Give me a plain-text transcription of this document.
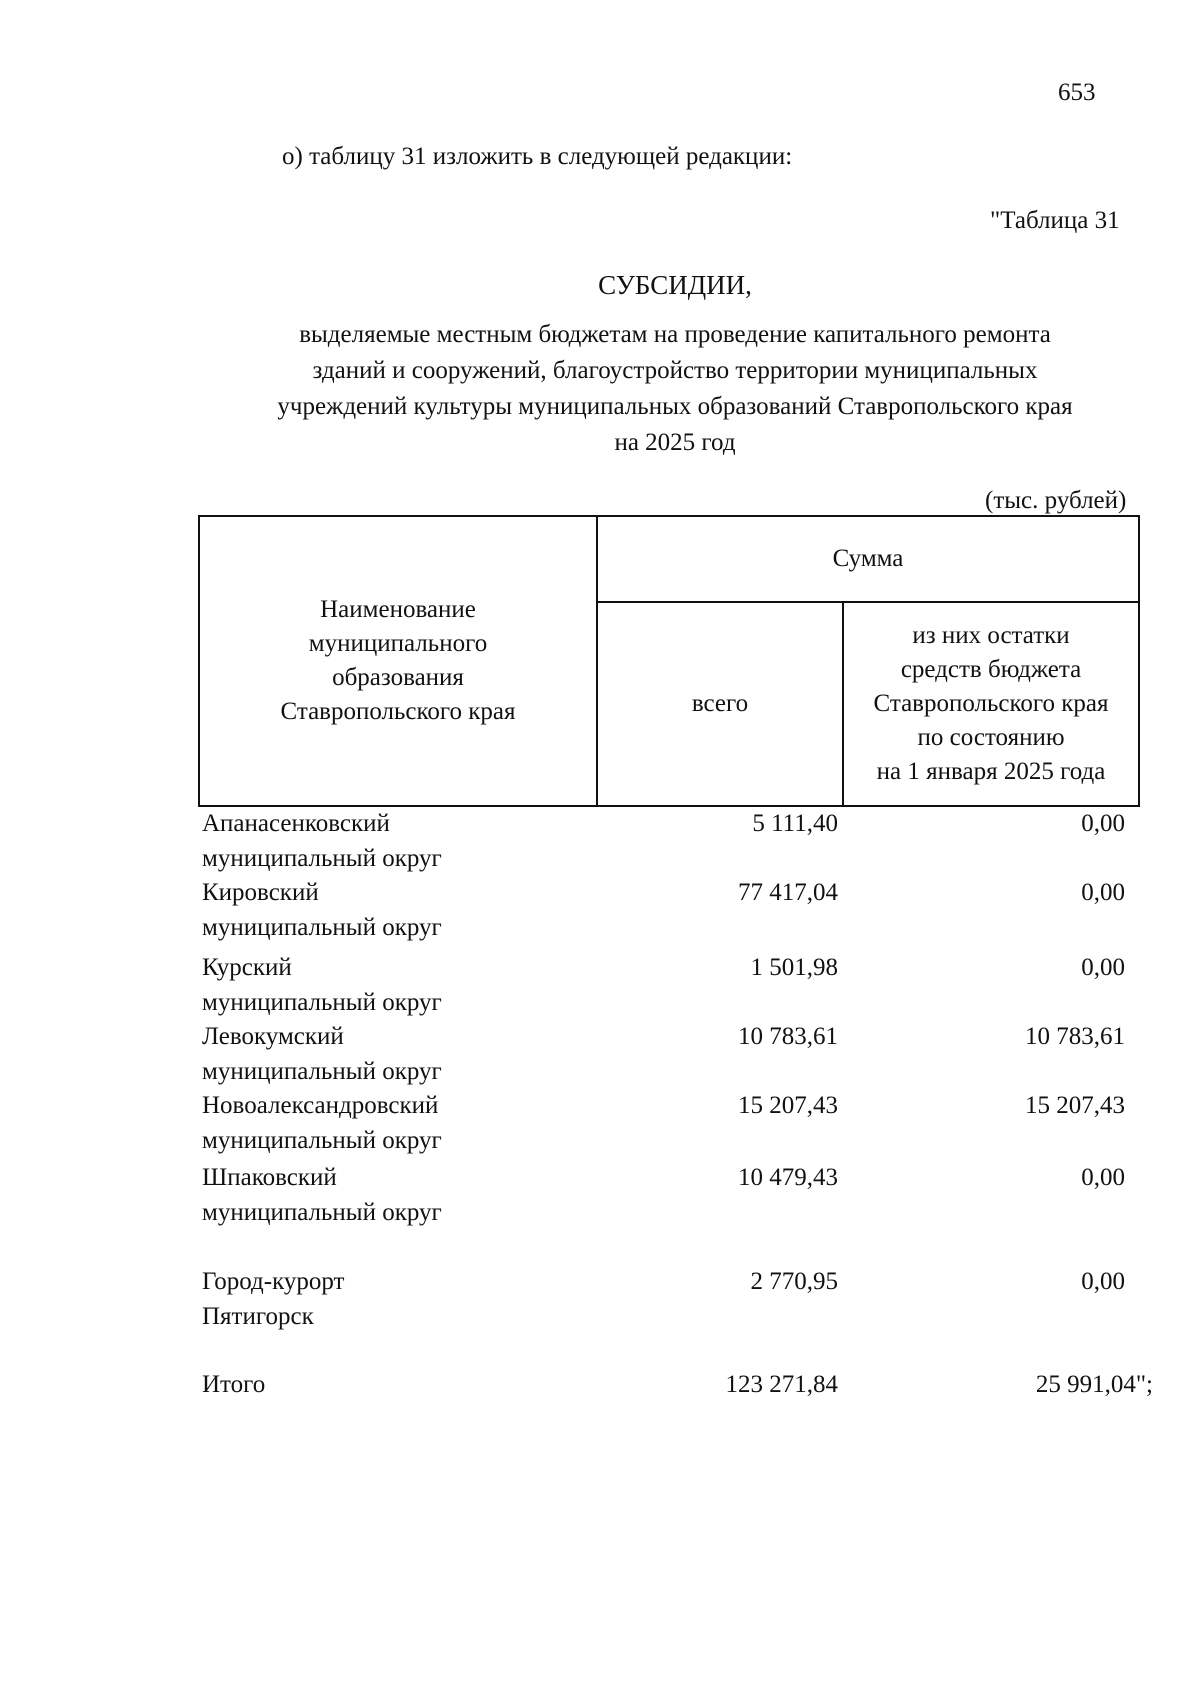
653
о) таблицу 31 изложить в следующей редакции:
"Таблица 31
СУБСИДИИ,
выделяемые местным бюджетам на проведение капитального ремонта
зданий и сооружений, благоустройство территории муниципальных
учреждений культуры муниципальных образований Ставропольского края
на 2025 год
(тыс. рублей)
Наименование
муниципального
образования
Ставропольского края
Сумма
всего
из них остатки
средств бюджета
Ставропольского края
по состоянию
на 1 января 2025 года
Апанасенковский
муниципальный округ
5 111,40	0,00
Кировский
муниципальный округ
77 417,04	0,00
Курский
муниципальный округ
1 501,98	0,00
Левокумский
муниципальный округ
10 783,61	10 783,61
Новоалександровский
муниципальный округ
15 207,43	15 207,43
Шпаковский
муниципальный округ
10 479,43	0,00
Город-курорт
Пятигорск
2 770,95	0,00
Итого	123 271,84	25 991,04";
